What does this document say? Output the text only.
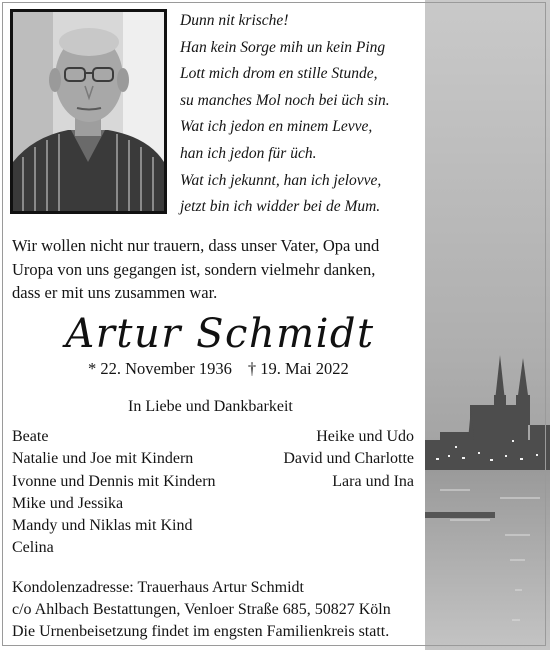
Dunn nit krische!
Han kein Sorge mih un kein Ping
Lott mich drom en stille Stunde,
su manches Mol noch bei üch sin.
Wat ich jedon en minem Levve,
han ich jedon für üch.
Wat ich jekunnt, han ich jelovve,
jetzt bin ich widder bei de Mum.
Wir wollen nicht nur trauern, dass unser Vater, Opa und
Uropa von uns gegangen ist, sondern vielmehr danken,
dass er mit uns zusammen war.
Artur Schmidt
* 22. November 1936 † 19. Mai 2022
In Liebe und Dankbarkeit
Beate
Natalie und Joe mit Kindern
Ivonne und Dennis mit Kindern
Mike und Jessika
Mandy und Niklas mit Kind
Celina
Heike und Udo
David und Charlotte
Lara und Ina
Kondolenzadresse: Trauerhaus Artur Schmidt
c/o Ahlbach Bestattungen, Venloer Straße 685, 50827 Köln
Die Urnenbeisetzung findet im engsten Familienkreis statt.
